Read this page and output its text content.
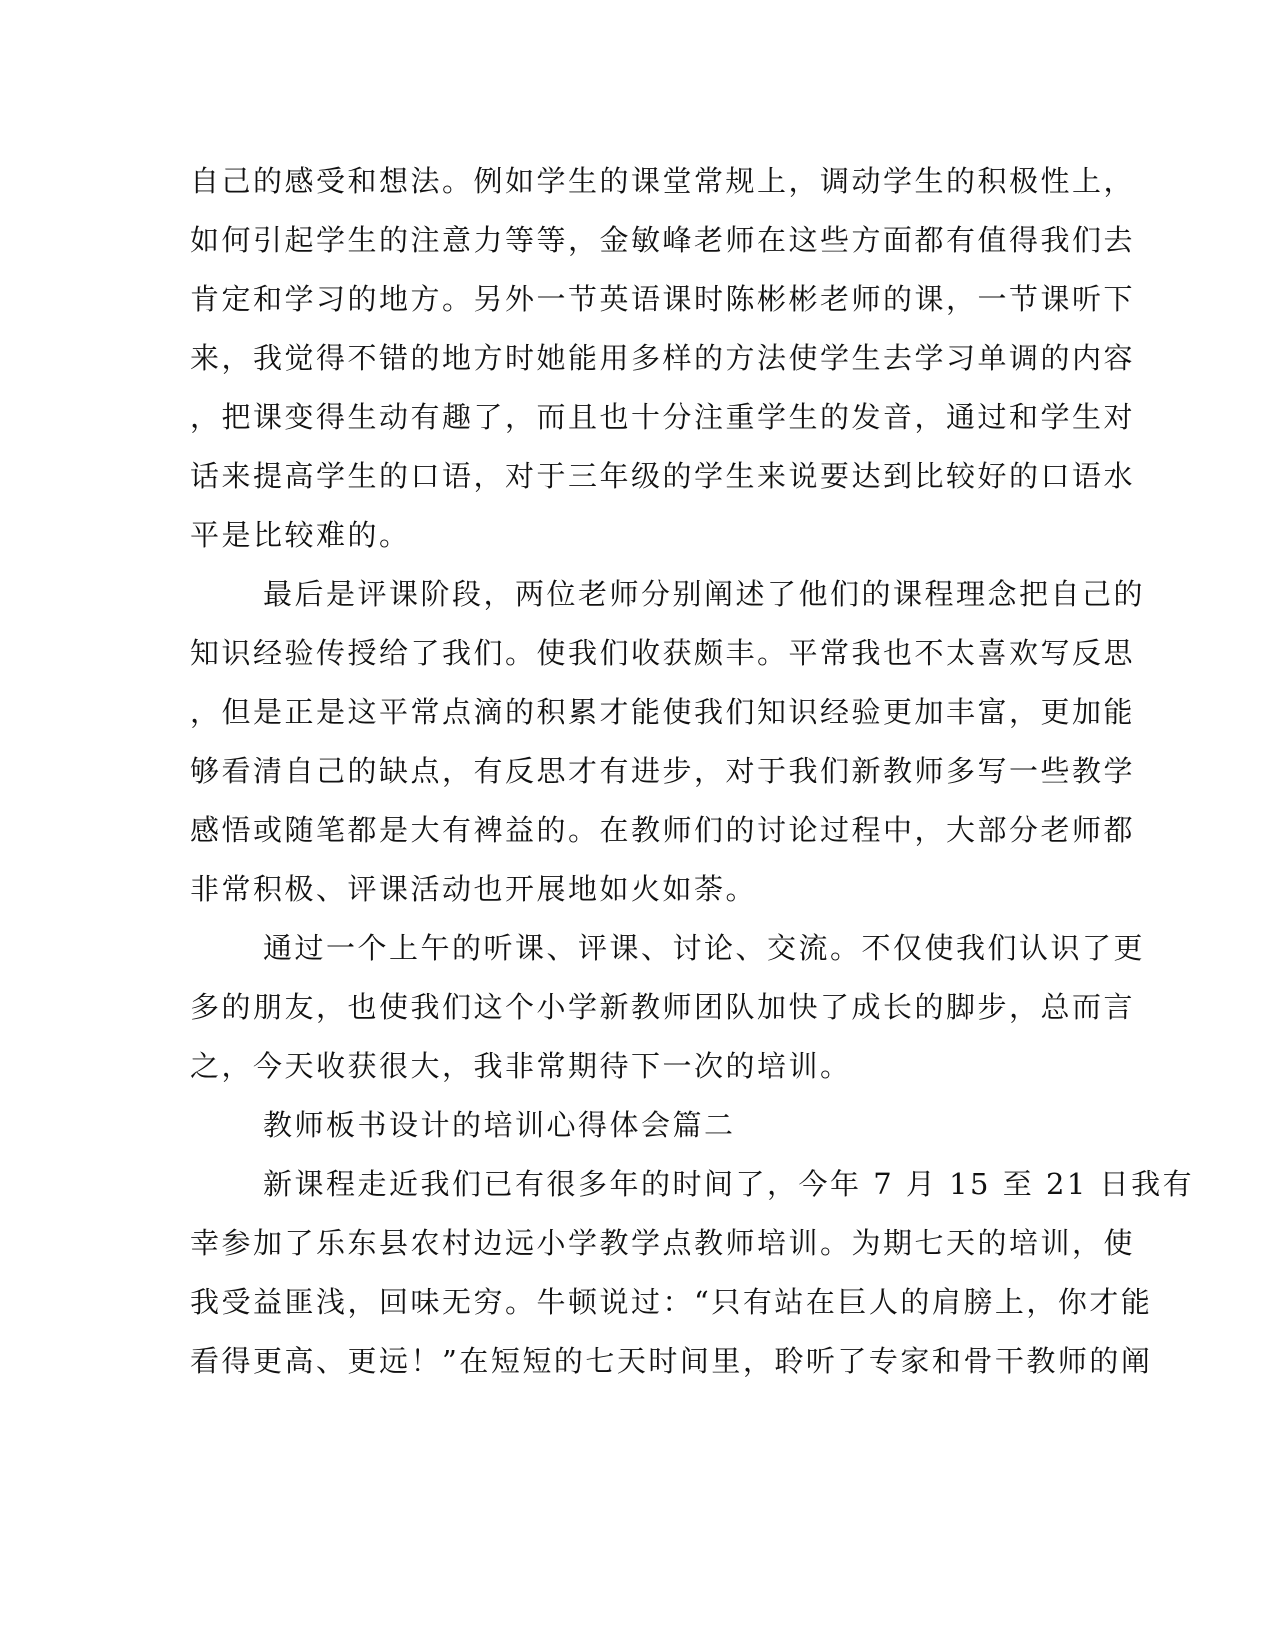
自己的感受和想法。例如学生的课堂常规上，调动学生的积极性上，
如何引起学生的注意力等等，金敏峰老师在这些方面都有值得我们去
肯定和学习的地方。另外一节英语课时陈彬彬老师的课，一节课听下
来，我觉得不错的地方时她能用多样的方法使学生去学习单调的内容
，把课变得生动有趣了，而且也十分注重学生的发音，通过和学生对
话来提高学生的口语，对于三年级的学生来说要达到比较好的口语水
平是比较难的。
最后是评课阶段，两位老师分别阐述了他们的课程理念把自己的
知识经验传授给了我们。使我们收获颇丰。平常我也不太喜欢写反思
，但是正是这平常点滴的积累才能使我们知识经验更加丰富，更加能
够看清自己的缺点，有反思才有进步，对于我们新教师多写一些教学
感悟或随笔都是大有裨益的。在教师们的讨论过程中，大部分老师都
非常积极、评课活动也开展地如火如荼。
通过一个上午的听课、评课、讨论、交流。不仅使我们认识了更
多的朋友，也使我们这个小学新教师团队加快了成长的脚步，总而言
之，今天收获很大，我非常期待下一次的培训。
教师板书设计的培训心得体会篇二
新课程走近我们已有很多年的时间了，今年 7 月 15 至 21 日我有
幸参加了乐东县农村边远小学教学点教师培训。为期七天的培训，使
我受益匪浅，回味无穷。牛顿说过：“只有站在巨人的肩膀上，你才能
看得更高、更远！”在短短的七天时间里，聆听了专家和骨干教师的阐
